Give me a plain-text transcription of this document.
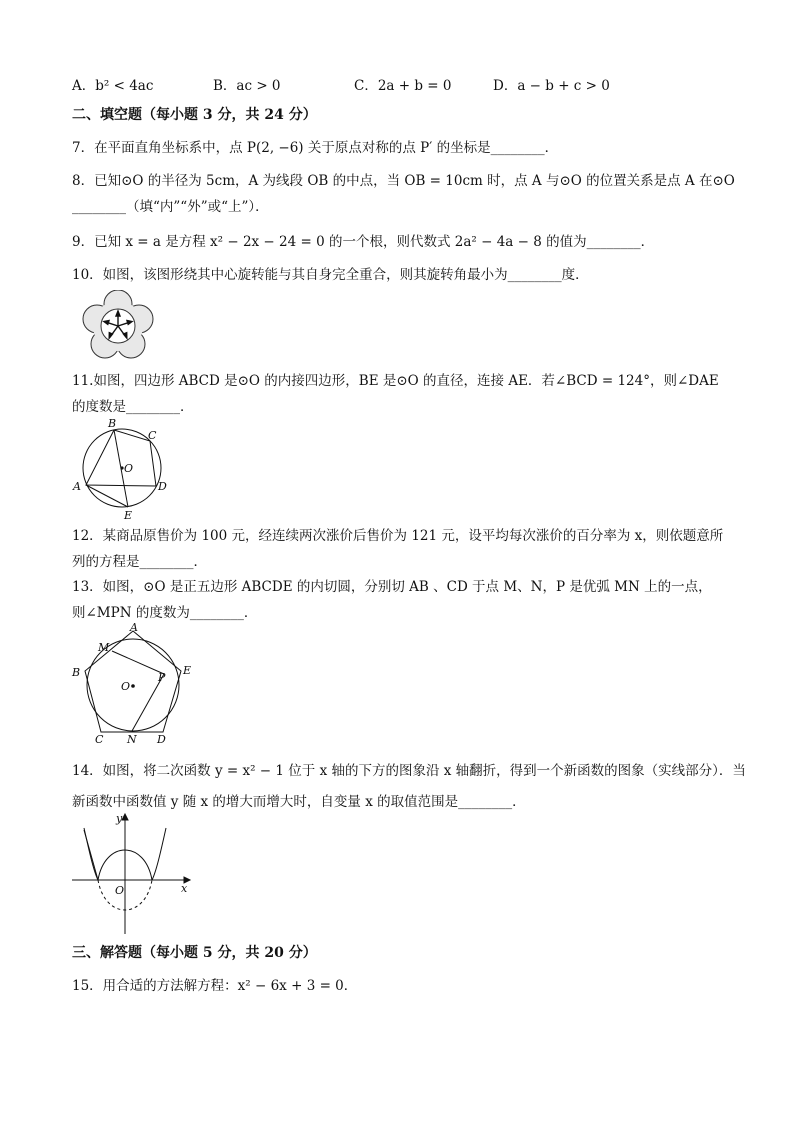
A．b² < 4ac	B．ac > 0	C．2a + b = 0	D．a − b + c > 0
二、填空题（每小题 3 分，共 24 分）
7．在平面直角坐标系中，点 P(2, −6) 关于原点对称的点 P′ 的坐标是________．
8．已知⊙O 的半径为 5cm，A 为线段 OB 的中点，当 OB = 10cm 时，点 A 与⊙O 的位置关系是点 A 在⊙O
________（填“内”“外”或“上”）．
9．已知 x = a 是方程 x² − 2x − 24 = 0 的一个根，则代数式 2a² − 4a − 8 的值为________．
10．如图，该图形绕其中心旋转能与其自身完全重合，则其旋转角最小为________度．
11.如图，四边形 ABCD 是⊙O 的内接四边形，BE 是⊙O 的直径，连接 AE．若∠BCD = 124°，则∠DAE
的度数是________．
B
C
O
A	D
E
12．某商品原售价为 100 元，经连续两次涨价后售价为 121 元，设平均每次涨价的百分率为 x，则依题意所
列的方程是________．
13．如图，⊙O 是正五边形 ABCDE 的内切圆，分别切 AB 、CD 于点 M、N，P 是优弧 MN 上的一点，
则∠MPN 的度数为________．
A
M
B	E
O
P
C N D
14．如图，将二次函数 y = x² − 1 位于 x 轴的下方的图象沿 x 轴翻折，得到一个新函数的图象（实线部分）．当
新函数中函数值 y 随 x 的增大而增大时，自变量 x 的取值范围是________．
y
x
O
三、解答题（每小题 5 分，共 20 分）
15．用合适的方法解方程：x² − 6x + 3 = 0．
